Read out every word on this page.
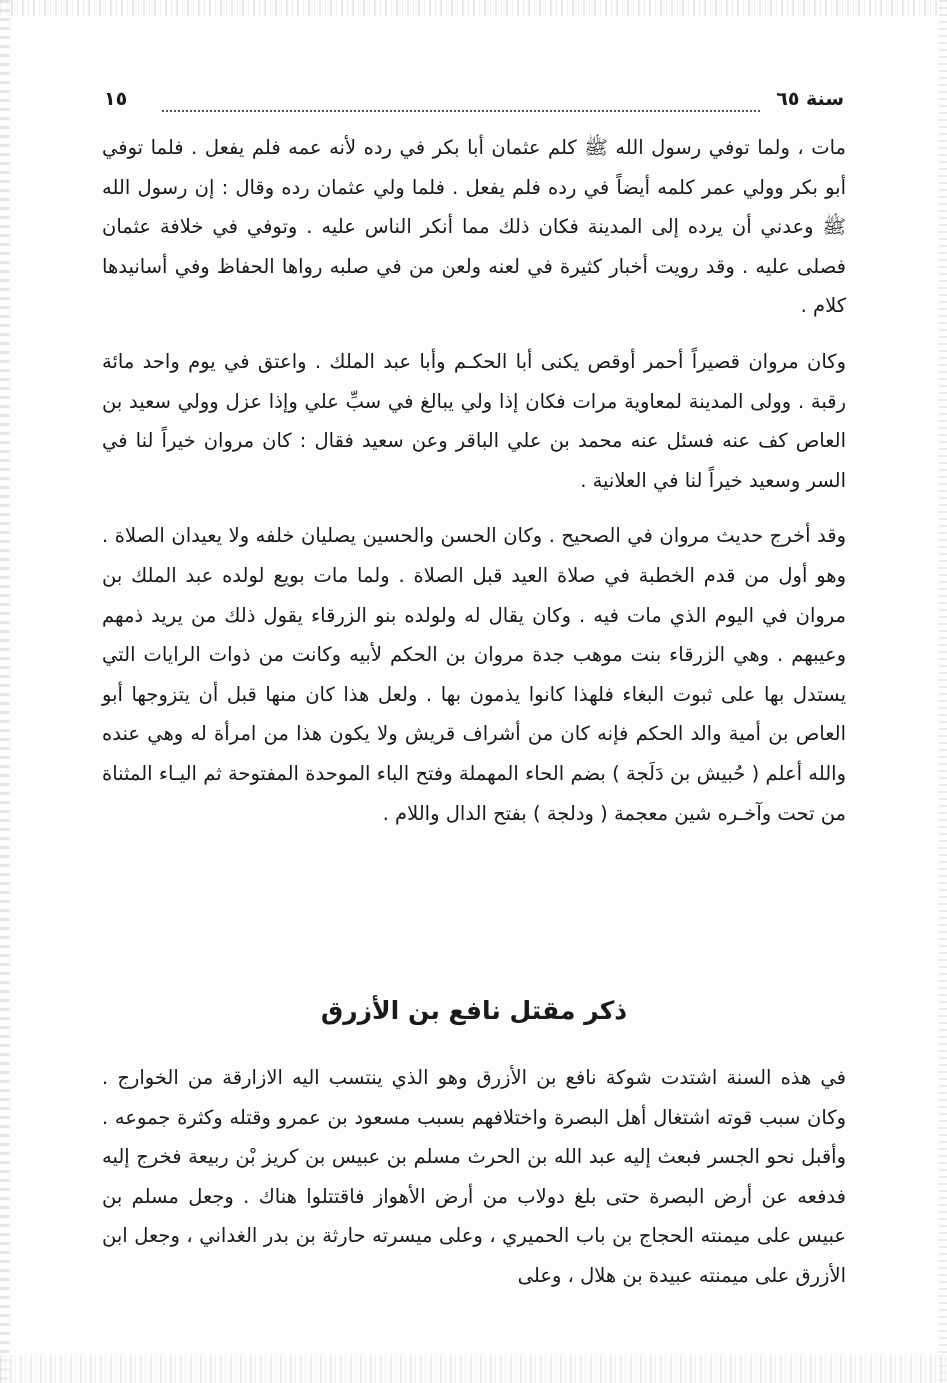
سنة ٦٥
١٥

مات ، ولما توفي رسول الله ﷺ كلم عثمان أبا بكر في رده لأنه عمه فلم يفعل . فلما توفي أبو بكر وولي عمر كلمه أيضاً في رده فلم يفعل . فلما ولي عثمان رده وقال : إن رسول الله ﷺ وعدني أن يرده إلى المدينة فكان ذلك مما أنكر الناس عليه . وتوفي في خلافة عثمان فصلى عليه . وقد رويت أخبار كثيرة في لعنه ولعن من في صلبه رواها الحفاظ وفي أسانيدها كلام .

وكان مروان قصيراً أحمر أوقص يكنى أبا الحكـم وأبا عبد الملك . واعتق في يوم واحد مائة رقبة . وولى المدينة لمعاوية مرات فكان إذا ولي يبالغ في سبِّ علي وإذا عزل وولي سعيد بن العاص كف عنه فسئل عنه محمد بن علي الباقر وعن سعيد فقال : كان مروان خيراً لنا في السر وسعيد خيراً لنا في العلانية .

وقد أخرج حديث مروان في الصحيح . وكان الحسن والحسين يصليان خلفه ولا يعيدان الصلاة . وهو أول من قدم الخطبة في صلاة العيد قبل الصلاة . ولما مات بويع لولده عبد الملك بن مروان في اليوم الذي مات فيه . وكان يقال له ولولده بنو الزرقاء يقول ذلك من يريد ذمهم وعيبهم . وهي الزرقاء بنت موهب جدة مروان بن الحكم لأبيه وكانت من ذوات الرايات التي يستدل بها على ثبوت البغاء فلهذا كانوا يذمون بها . ولعل هذا كان منها قبل أن يتزوجها أبو العاص بن أمية والد الحكم فإنه كان من أشراف قريش ولا يكون هذا من امرأة له وهي عنده والله أعلم ( حُبيش بن دَلَجة ) بضم الحاء المهملة وفتح الباء الموحدة المفتوحة ثم اليـاء المثناة من تحت وآخـره شين معجمة ( ودلجة ) بفتح الدال واللام .

ذكر مقتل نافع بن الأزرق

في هذه السنة اشتدت شوكة نافع بن الأزرق وهو الذي ينتسب اليه الازارقة من الخوارج . وكان سبب قوته اشتغال أهل البصرة واختلافهم بسبب مسعود بن عمرو وقتله وكثرة جموعه . وأقبل نحو الجسر فبعث إليه عبد الله بن الحرث مسلم بن عبيس بن كريز بْن ربيعة فخرج إليه فدفعه عن أرض البصرة حتى بلغ دولاب من أرض الأهواز فاقتتلوا هناك . وجعل مسلم بن عبيس على ميمنته الحجاج بن باب الحميري ، وعلى ميسرته حارثة بن بدر الغداني ، وجعل ابن الأزرق على ميمنته عبيدة بن هلال ، وعلى
